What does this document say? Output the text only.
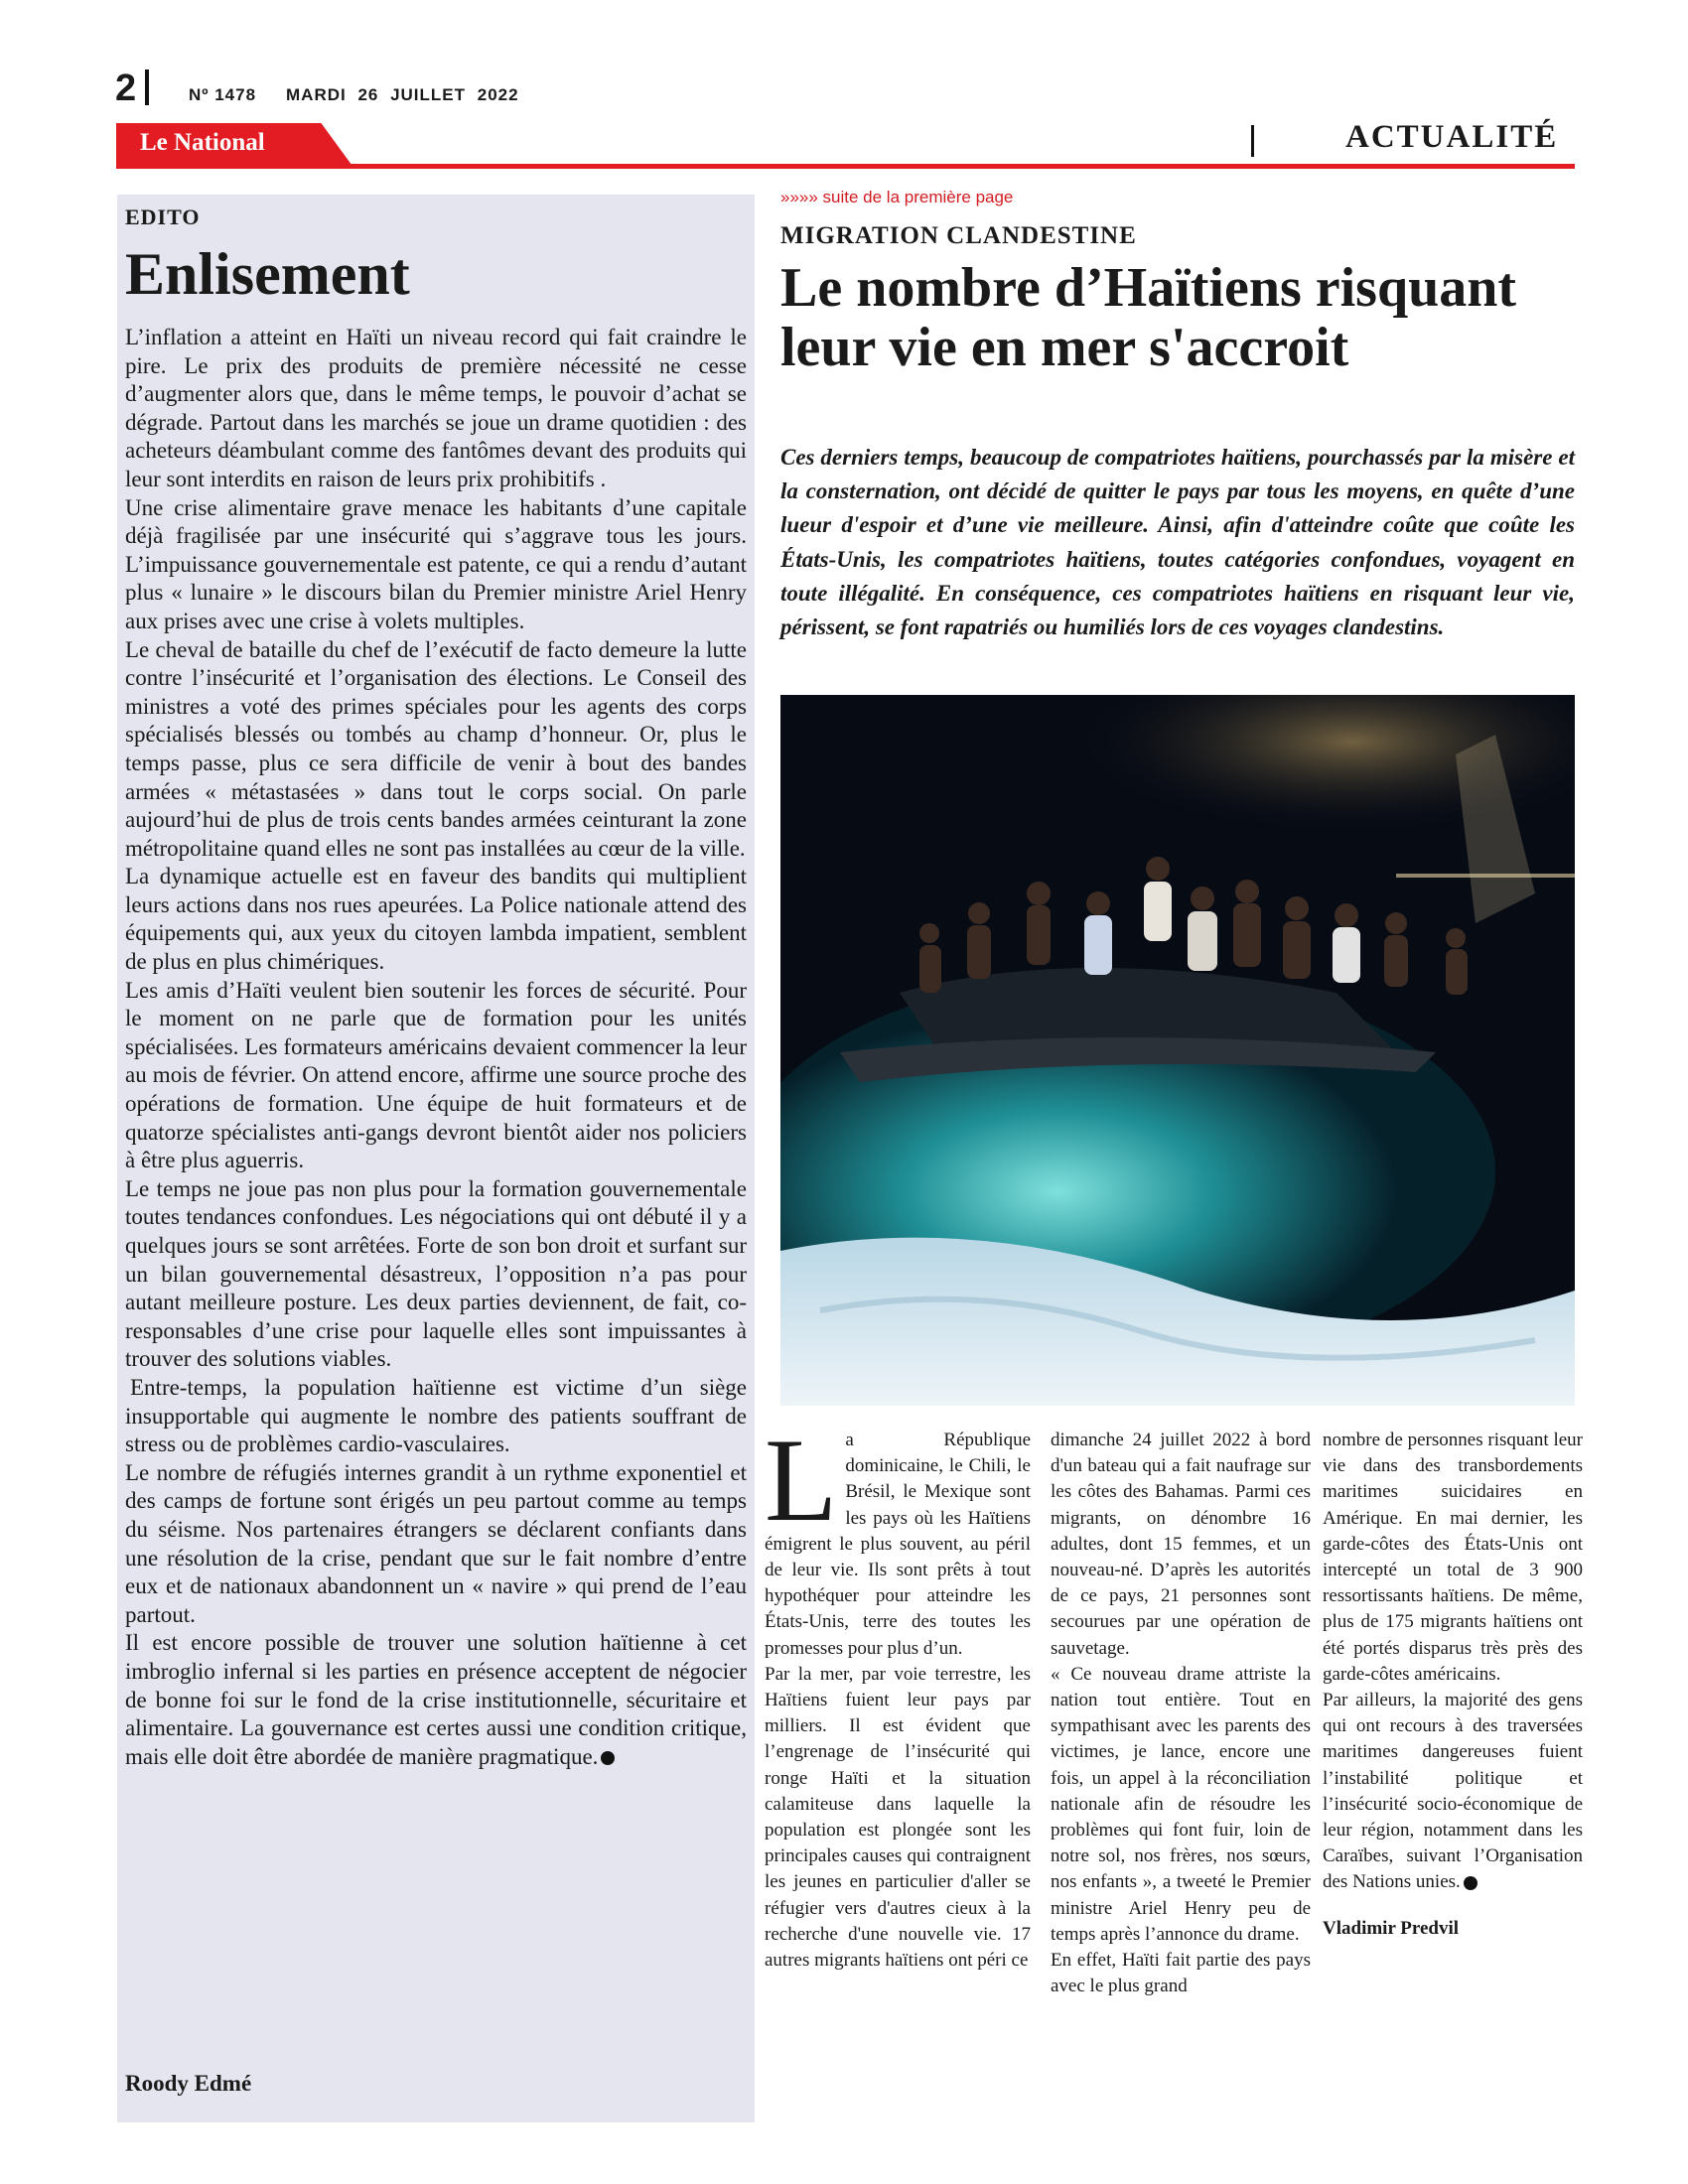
2	Nº 1478 MARDI 26 JUILLET 2022
Le National	ACTUALITÉ
EDITO
Enlisement

L’inflation a atteint en Haïti un niveau record qui fait craindre le pire. Le prix des produits de première nécessité ne cesse d’augmenter alors que, dans le même temps, le pouvoir d’achat se dégrade. Partout dans les marchés se joue un drame quotidien : des acheteurs déambulant comme des fantômes devant des produits qui leur sont interdits en raison de leurs prix prohibitifs .

Une crise alimentaire grave menace les habitants d’une capitale déjà fragilisée par une insécurité qui s’aggrave tous les jours. L’impuissance gouvernementale est patente, ce qui a rendu d’autant plus « lunaire » le discours bilan du Premier ministre Ariel Henry aux prises avec une crise à volets multiples.

Le cheval de bataille du chef de l’exécutif de facto demeure la lutte contre l’insécurité et l’organisation des élections. Le Conseil des ministres a voté des primes spéciales pour les agents des corps spécialisés blessés ou tombés au champ d’honneur. Or, plus le temps passe, plus ce sera difficile de venir à bout des bandes armées « métastasées » dans tout le corps social. On parle aujourd’hui de plus de trois cents bandes armées ceinturant la zone métropolitaine quand elles ne sont pas installées au cœur de la ville.

La dynamique actuelle est en faveur des bandits qui multiplient leurs actions dans nos rues apeurées. La Police nationale attend des équipements qui, aux yeux du citoyen lambda impatient, semblent de plus en plus chimériques.

Les amis d’Haïti veulent bien soutenir les forces de sécurité. Pour le moment on ne parle que de formation pour les unités spécialisées. Les formateurs américains devaient commencer la leur au mois de février. On attend encore, affirme une source proche des opérations de formation. Une équipe de huit formateurs et de quatorze spécialistes anti-gangs devront bientôt aider nos policiers à être plus aguerris.

Le temps ne joue pas non plus pour la formation gouvernementale toutes tendances confondues. Les négociations qui ont débuté il y a quelques jours se sont arrêtées. Forte de son bon droit et surfant sur un bilan gouvernemental désastreux, l’opposition n’a pas pour autant meilleure posture. Les deux parties deviennent, de fait, co-responsables d’une crise pour laquelle elles sont impuissantes à trouver des solutions viables.

Entre-temps, la population haïtienne est victime d’un siège insupportable qui augmente le nombre des patients souffrant de stress ou de problèmes cardio-vasculaires.

Le nombre de réfugiés internes grandit à un rythme exponentiel et des camps de fortune sont érigés un peu partout comme au temps du séisme. Nos partenaires étrangers se déclarent confiants dans une résolution de la crise, pendant que sur le fait nombre d’entre eux et de nationaux abandonnent un « navire » qui prend de l’eau partout.

Il est encore possible de trouver une solution haïtienne à cet imbroglio infernal si les parties en présence acceptent de négocier de bonne foi sur le fond de la crise institutionnelle, sécuritaire et alimentaire. La gouvernance est certes aussi une condition critique, mais elle doit être abordée de manière pragmatique.

Roody Edmé
»»»» suite de la première page
MIGRATION CLANDESTINE
Le nombre d’Haïtiens risquant leur vie en mer s'accroit
Ces derniers temps, beaucoup de compatriotes haïtiens, pourchassés par la misère et la consternation, ont décidé de quitter le pays par tous les moyens, en quête d’une lueur d'espoir et d’une vie meilleure. Ainsi, afin d'atteindre coûte que coûte les États-Unis, les compatriotes haïtiens, toutes catégories confondues, voyagent en toute illégalité. En conséquence, ces compatriotes haïtiens en risquant leur vie, périssent, se font rapatriés ou humiliés lors de ces voyages clandestins.
L a République dominicaine, le Chili, le Brésil, le Mexique sont les pays où les Haïtiens émigrent le plus souvent, au péril de leur vie. Ils sont prêts à tout hypothéquer pour atteindre les États-Unis, terre des toutes les promesses pour plus d’un.

Par la mer, par voie terrestre, les Haïtiens fuient leur pays par milliers. Il est évident que l’engrenage de l’insécurité qui ronge Haïti et la situation calamiteuse dans laquelle la population est plongée sont les principales causes qui contraignent les jeunes en particulier d'aller se réfugier vers d'autres cieux à la recherche d'une nouvelle vie. 17 autres migrants haïtiens ont péri ce

dimanche 24 juillet 2022 à bord d'un bateau qui a fait naufrage sur les côtes des Bahamas. Parmi ces migrants, on dénombre 16 adultes, dont 15 femmes, et un nouveau-né. D’après les autorités de ce pays, 21 personnes sont secourues par une opération de sauvetage.

« Ce nouveau drame attriste la nation tout entière. Tout en sympathisant avec les parents des victimes, je lance, encore une fois, un appel à la réconciliation nationale afin de résoudre les problèmes qui font fuir, loin de notre sol, nos frères, nos sœurs, nos enfants », a tweeté le Premier ministre Ariel Henry peu de temps après l’annonce du drame.

En effet, Haïti fait partie des pays avec le plus grand

nombre de personnes risquant leur vie dans des transbordements maritimes suicidaires en Amérique. En mai dernier, les garde-côtes des États-Unis ont intercepté un total de 3 900 ressortissants haïtiens. De même, plus de 175 migrants haïtiens ont été portés disparus très près des garde-côtes américains.

Par ailleurs, la majorité des gens qui ont recours à des traversées maritimes dangereuses fuient l’instabilité politique et l’insécurité socio-économique de leur région, notamment dans les Caraïbes, suivant l’Organisation des Nations unies.

Vladimir Predvil
